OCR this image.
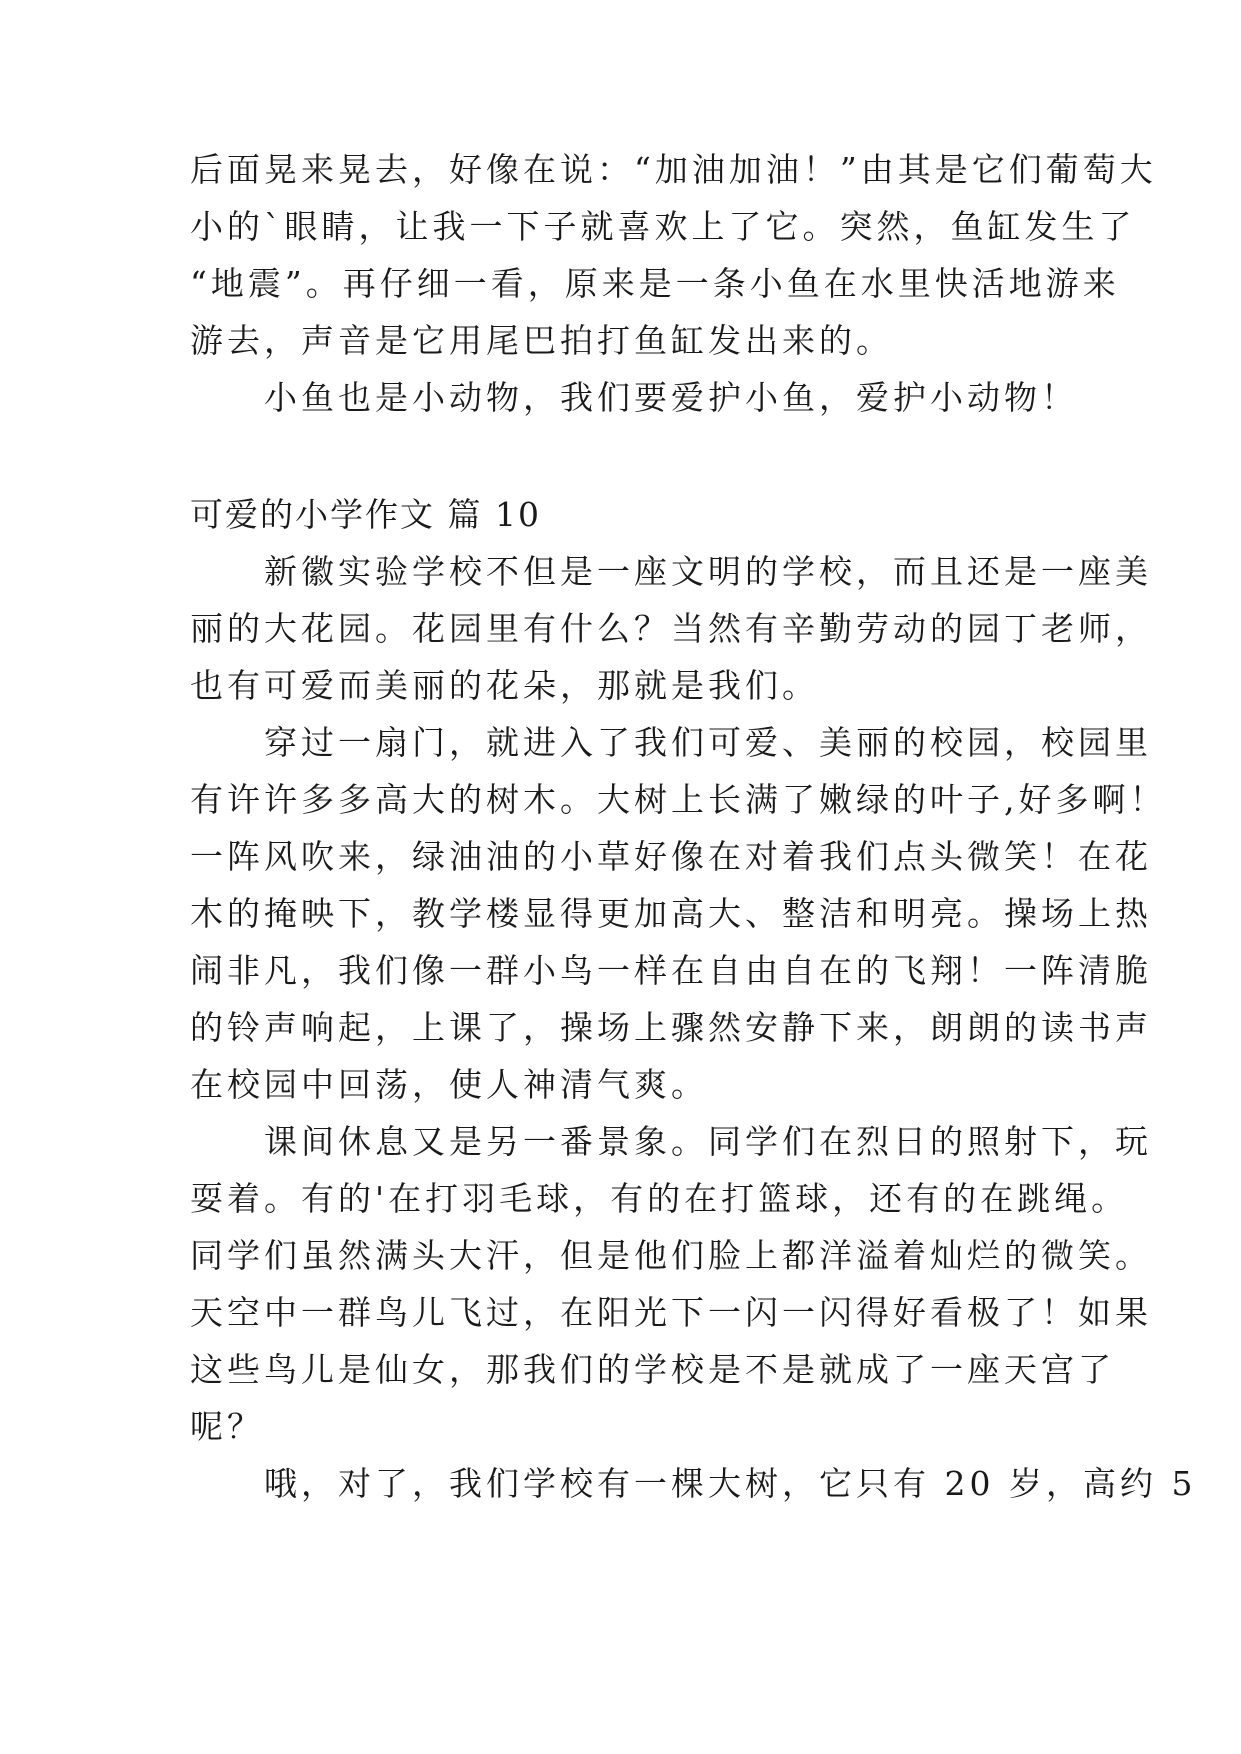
后面晃来晃去，好像在说：“加油加油！”由其是它们葡萄大
小的`眼睛，让我一下子就喜欢上了它。突然，鱼缸发生了
“地震”。再仔细一看，原来是一条小鱼在水里快活地游来
游去，声音是它用尾巴拍打鱼缸发出来的。
　　小鱼也是小动物，我们要爱护小鱼，爱护小动物！
可爱的小学作文 篇 10
　　新徽实验学校不但是一座文明的学校，而且还是一座美
丽的大花园。花园里有什么？当然有辛勤劳动的园丁老师，
也有可爱而美丽的花朵，那就是我们。
　　穿过一扇门，就进入了我们可爱、美丽的校园，校园里
有许许多多高大的树木。大树上长满了嫩绿的叶子,好多啊！
一阵风吹来，绿油油的小草好像在对着我们点头微笑！在花
木的掩映下，教学楼显得更加高大、整洁和明亮。操场上热
闹非凡，我们像一群小鸟一样在自由自在的飞翔！一阵清脆
的铃声响起，上课了，操场上骤然安静下来，朗朗的读书声
在校园中回荡，使人神清气爽。
　　课间休息又是另一番景象。同学们在烈日的照射下，玩
耍着。有的'在打羽毛球，有的在打篮球，还有的在跳绳。
同学们虽然满头大汗，但是他们脸上都洋溢着灿烂的微笑。
天空中一群鸟儿飞过，在阳光下一闪一闪得好看极了！如果
这些鸟儿是仙女，那我们的学校是不是就成了一座天宫了
呢？
　　哦，对了，我们学校有一棵大树，它只有 20 岁，高约 5
